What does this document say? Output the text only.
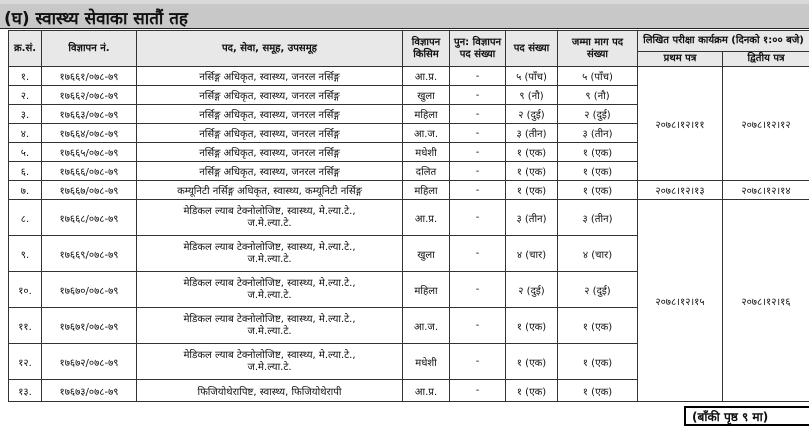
(घ) स्वास्थ्य सेवाका सातौं तह
क्र.सं.	विज्ञापन नं.	पद, सेवा, समूह, उपसमूह	विज्ञापन किसिम	पुन: विज्ञापन पद संख्या	पद संख्या	जम्मा माग पद संख्या	लिखित परीक्षा कार्यक्रम (दिनको १:०० बजे)	
							प्रथम पत्र	द्वितीय पत्र
१.	१७६६१/०७८-७९	नर्सिङ्ग अधिकृत, स्वास्थ्य, जनरल नर्सिङ्ग	आ.प्र.	-	५ (पाँच)	५ (पाँच)	२०७८।१२।११	२०७८।१२।१२
२.	१७६६२/०७८-७९	नर्सिङ्ग अधिकृत, स्वास्थ्य, जनरल नर्सिङ्ग	खुला	-	९ (नौ)	९ (नौ)		
३.	१७६६३/०७८-७९	नर्सिङ्ग अधिकृत, स्वास्थ्य, जनरल नर्सिङ्ग	महिला	-	२ (दुई)	२ (दुई)		
४.	१७६६४/०७८-७९	नर्सिङ्ग अधिकृत, स्वास्थ्य, जनरल नर्सिङ्ग	आ.ज.	-	३ (तीन)	३ (तीन)		
५.	१७६६५/०७८-७९	नर्सिङ्ग अधिकृत, स्वास्थ्य, जनरल नर्सिङ्ग	मधेशी	-	१ (एक)	१ (एक)		
६.	१७६६६/०७८-७९	नर्सिङ्ग अधिकृत, स्वास्थ्य, जनरल नर्सिङ्ग	दलित	-	१ (एक)	१ (एक)		
७.	१७६६७/०७८-७९	कम्यूनिटी नर्सिङ्ग अधिकृत, स्वास्थ्य, कम्यूनिटी नर्सिङ्ग	महिला	-	१ (एक)	१ (एक)	२०७८।१२।१३	२०७८।१२।१४
८.	१७६६८/०७८-७९	मेडिकल ल्याब टेक्नोलोजिष्ट, स्वास्थ्य, मे.ल्या.टे.,
ज.मे.ल्या.टे.	आ.प्र.	-	३ (तीन)	३ (तीन)	२०७८।१२।१५	२०७८।१२।१६
९.	१७६६९/०७८-७९	मेडिकल ल्याब टेक्नोलोजिष्ट, स्वास्थ्य, मे.ल्या.टे.,
ज.मे.ल्या.टे.	खुला	-	४ (चार)	४ (चार)		
१०.	१७६७०/०७८-७९	मेडिकल ल्याब टेक्नोलोजिष्ट, स्वास्थ्य, मे.ल्या.टे.,
ज.मे.ल्या.टे.	महिला	-	२ (दुई)	२ (दुई)		
११.	१७६७१/०७८-७९	मेडिकल ल्याब टेक्नोलोजिष्ट, स्वास्थ्य, मे.ल्या.टे.,
ज.मे.ल्या.टे.	आ.ज.	-	१ (एक)	१ (एक)		
१२.	१७६७२/०७८-७९	मेडिकल ल्याब टेक्नोलोजिष्ट, स्वास्थ्य, मे.ल्या.टे.,
ज.मे.ल्या.टे.	मधेशी	-	१ (एक)	१ (एक)		
१३.	१७६७३/०७८-७९	फिजियोथेरापिष्ट, स्वास्थ्य, फिजियोथेरापी	आ.प्र.	-	१ (एक)	१ (एक)		
(बाँकी पृष्ठ ९ मा)
